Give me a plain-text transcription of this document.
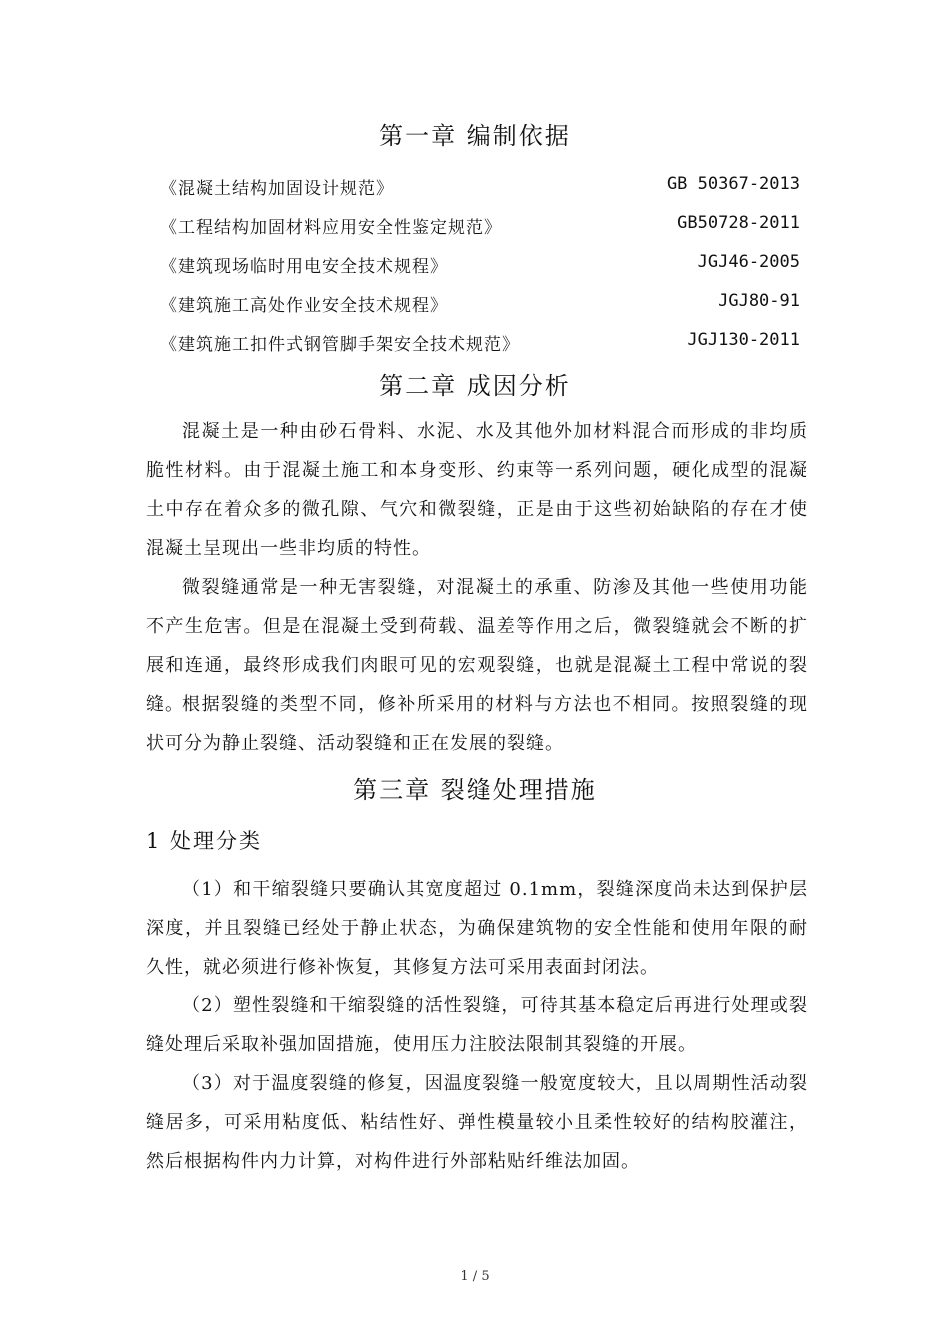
第一章 编制依据
《混凝土结构加固设计规范》	GB 50367-2013
《工程结构加固材料应用安全性鉴定规范》	GB50728-2011
《建筑现场临时用电安全技术规程》	JGJ46-2005
《建筑施工高处作业安全技术规程》	JGJ80-91
《建筑施工扣件式钢管脚手架安全技术规范》	JGJ130-2011
第二章 成因分析

混凝土是一种由砂石骨料、水泥、水及其他外加材料混合而形成的非均质脆性材料。由于混凝土施工和本身变形、约束等一系列问题，硬化成型的混凝土中存在着众多的微孔隙、气穴和微裂缝，正是由于这些初始缺陷的存在才使混凝土呈现出一些非均质的特性。

微裂缝通常是一种无害裂缝，对混凝土的承重、防渗及其他一些使用功能不产生危害。但是在混凝土受到荷载、温差等作用之后，微裂缝就会不断的扩展和连通，最终形成我们肉眼可见的宏观裂缝，也就是混凝土工程中常说的裂缝。

根据裂缝的类型不同，修补所采用的材料与方法也不相同。按照裂缝的现状可分为静止裂缝、活动裂缝和正在发展的裂缝。

第三章 裂缝处理措施
1 处理分类

（1）和干缩裂缝只要确认其宽度超过 0.1mm，裂缝深度尚未达到保护层深度，并且裂缝已经处于静止状态，为确保建筑物的安全性能和使用年限的耐久性，就必须进行修补恢复，其修复方法可采用表面封闭法。

（2）塑性裂缝和干缩裂缝的活性裂缝，可待其基本稳定后再进行处理或裂缝处理后采取补强加固措施，使用压力注胶法限制其裂缝的开展。

（3）对于温度裂缝的修复，因温度裂缝一般宽度较大，且以周期性活动裂缝居多，可采用粘度低、粘结性好、弹性模量较小且柔性较好的结构胶灌注，然后根据构件内力计算，对构件进行外部粘贴纤维法加固。

1 / 5
